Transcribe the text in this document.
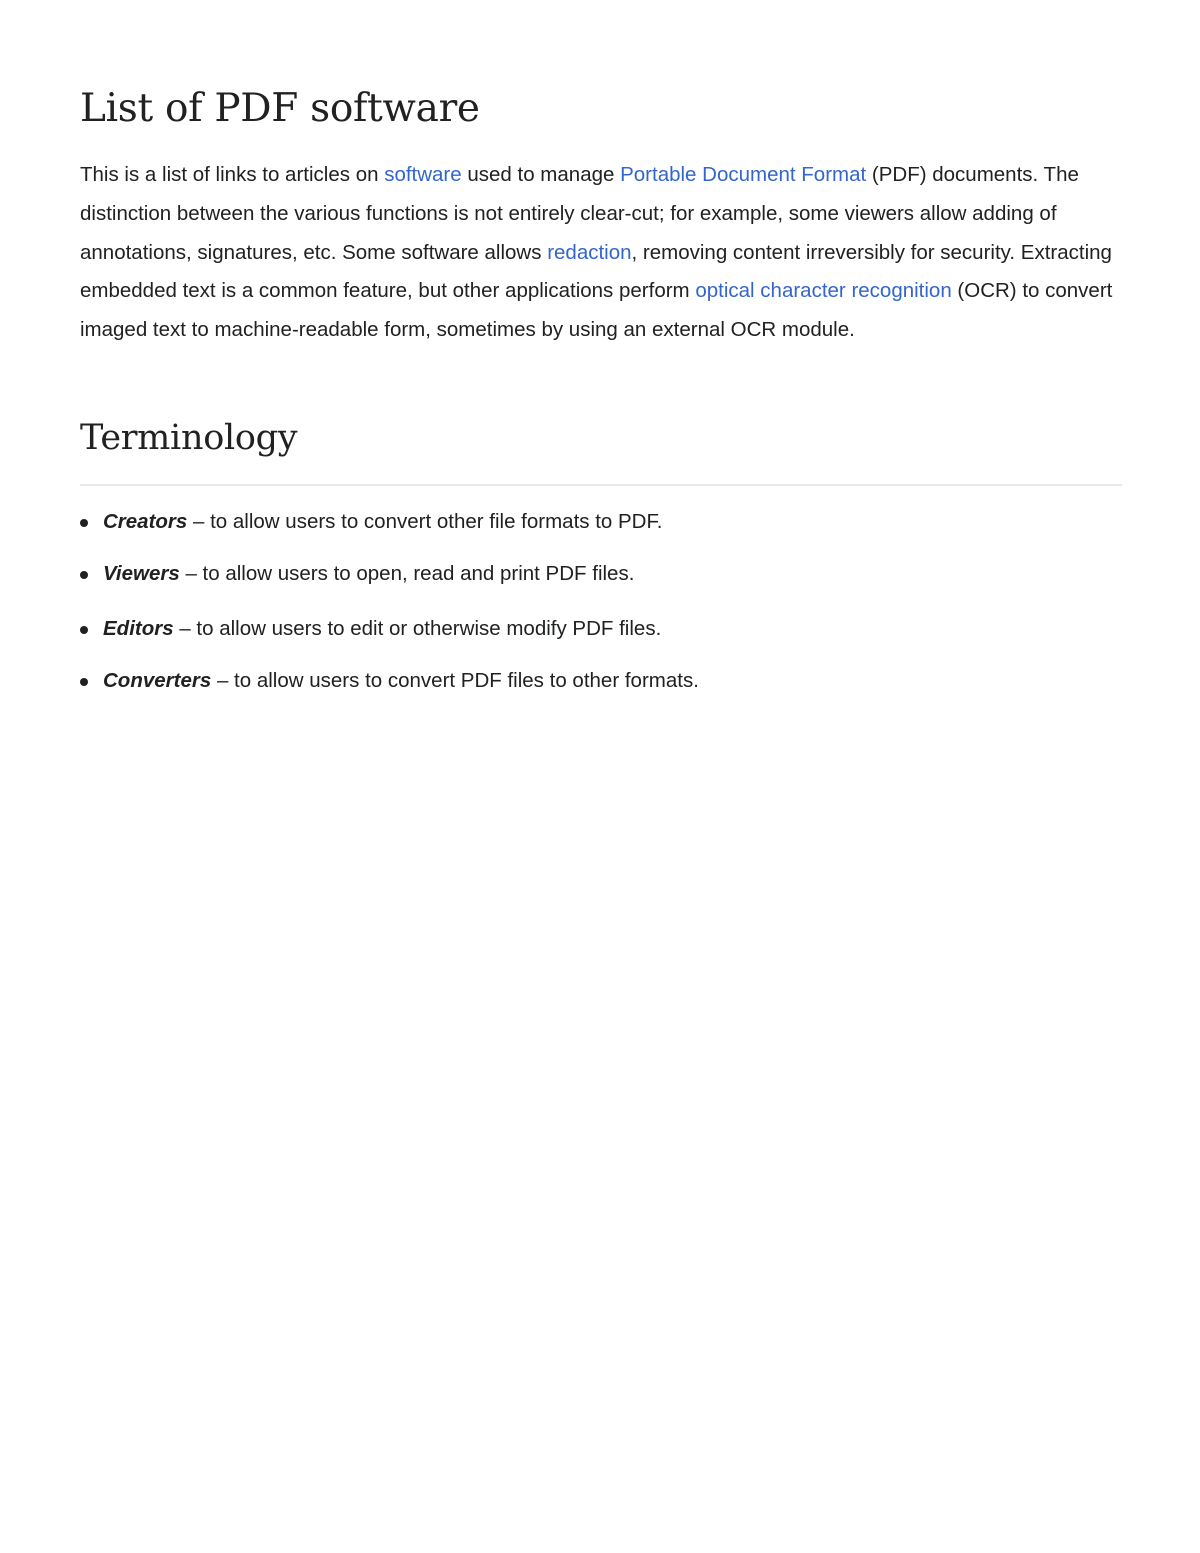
List of PDF software

This is a list of links to articles on software used to manage Portable Document Format (PDF) documents. The distinction between the various functions is not entirely clear-cut; for example, some viewers allow adding of annotations, signatures, etc. Some software allows redaction, removing content irreversibly for security. Extracting embedded text is a common feature, but other applications perform optical character recognition (OCR) to convert imaged text to machine-readable form, sometimes by using an external OCR module.

Terminology
Creators – to allow users to convert other file formats to PDF.
Viewers – to allow users to open, read and print PDF files.
Editors – to allow users to edit or otherwise modify PDF files.
Converters – to allow users to convert PDF files to other formats.
